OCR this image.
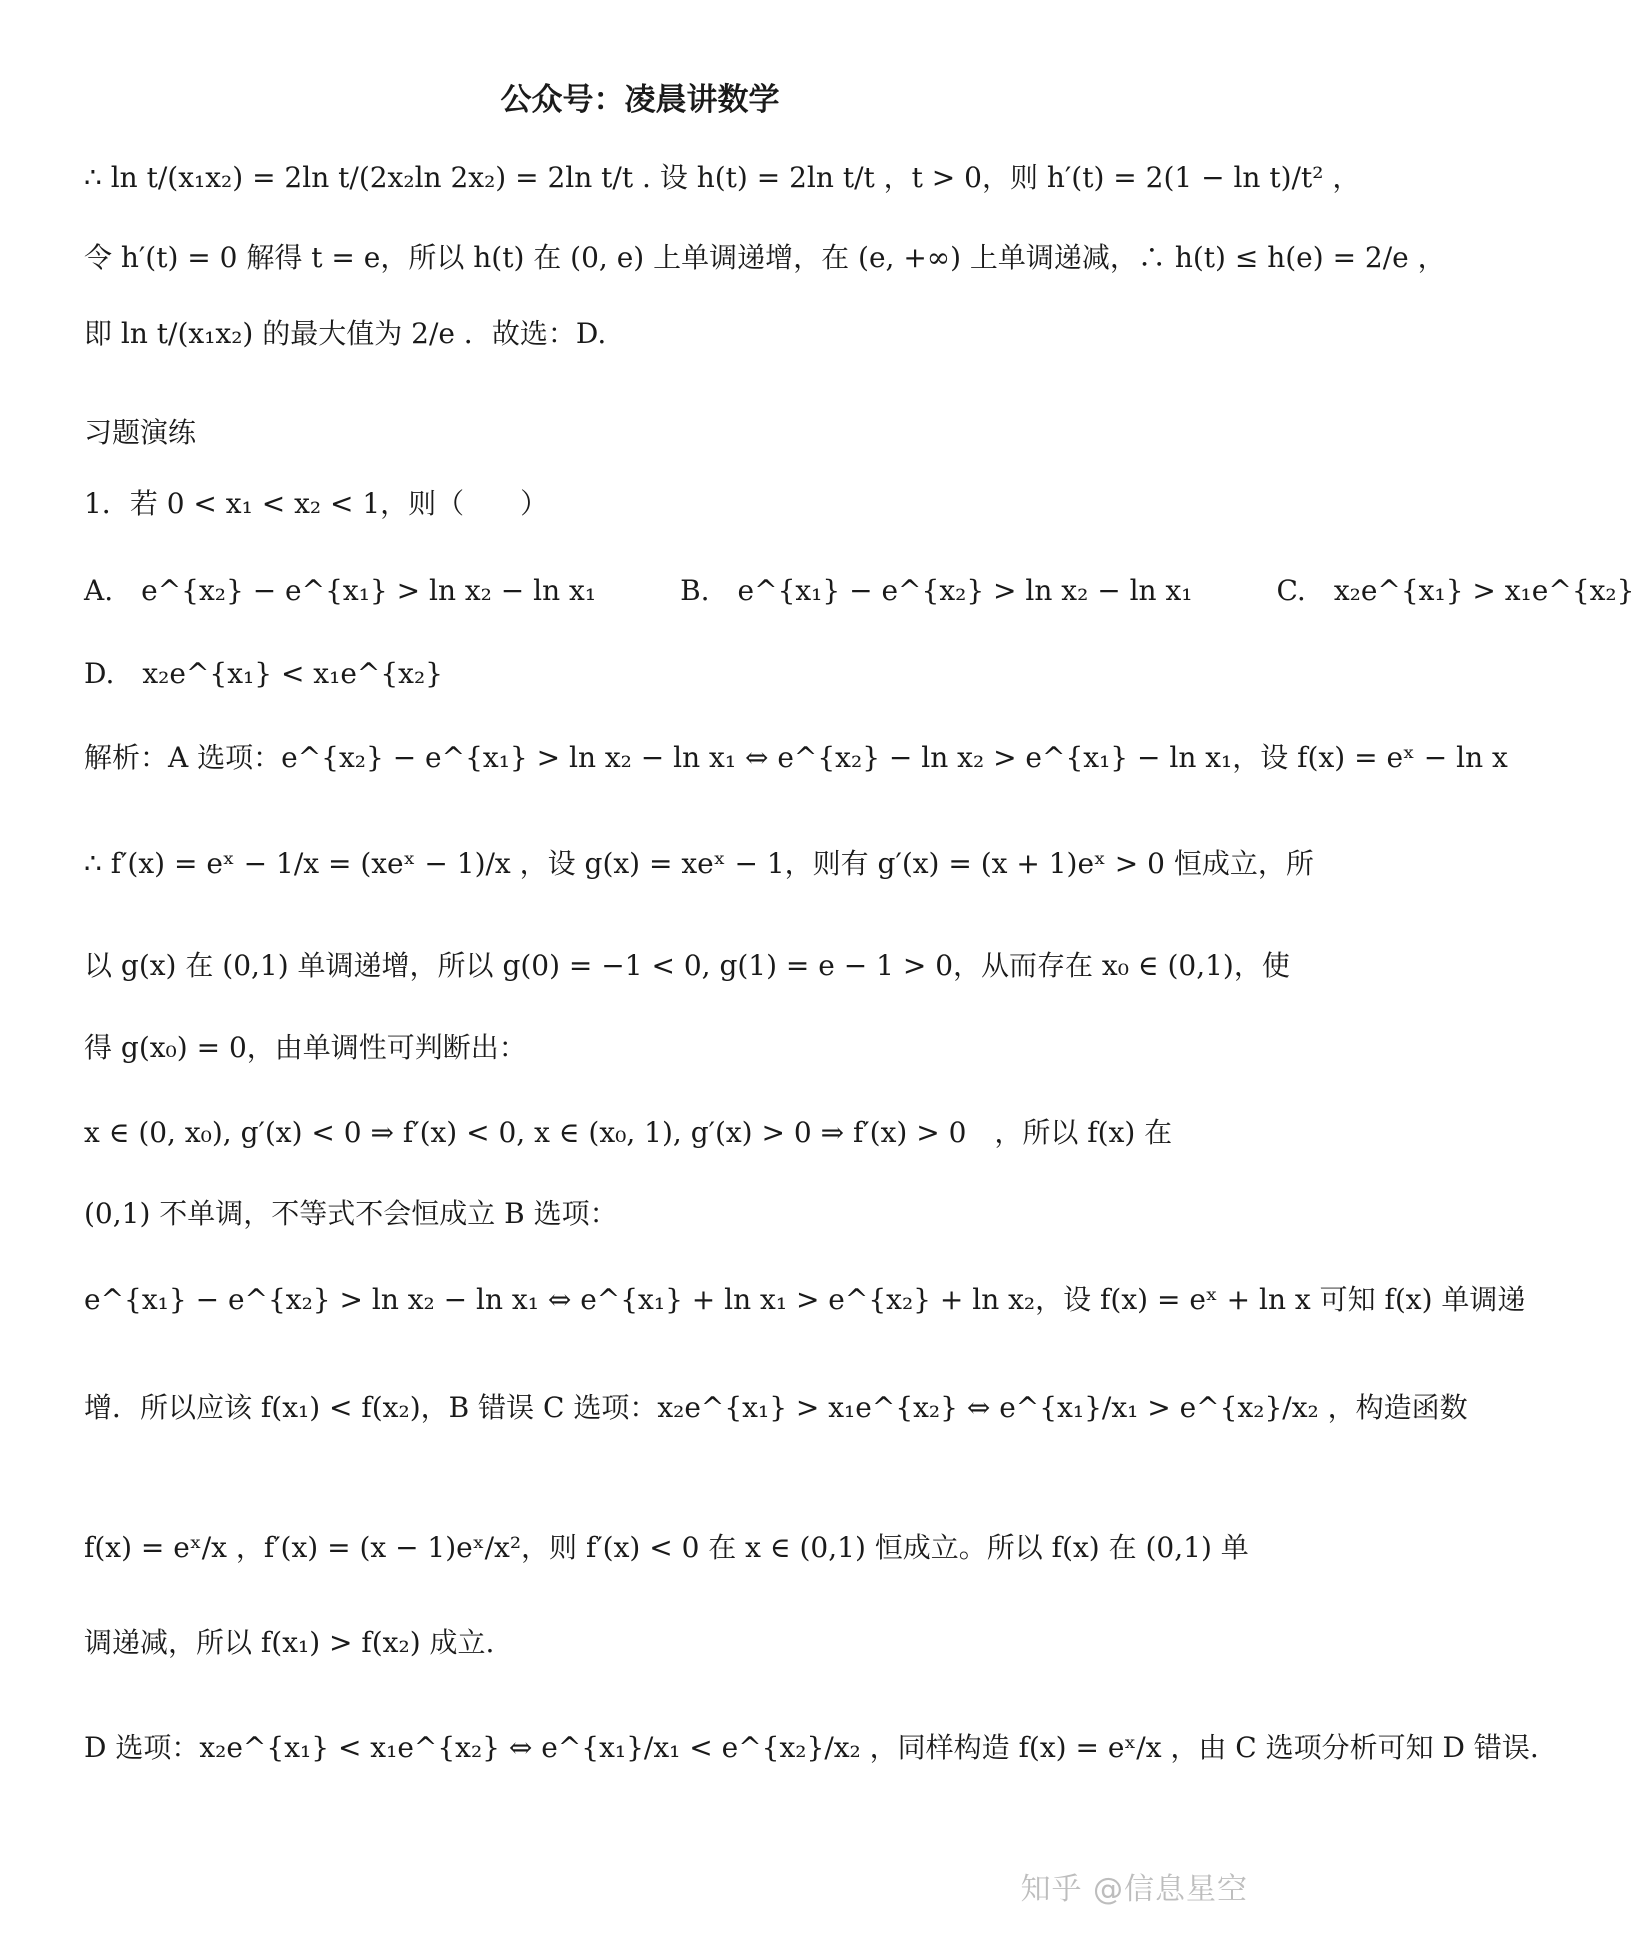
公众号：凌晨讲数学
∴ ln t/(x₁x₂) = 2ln t/(2x₂ln 2x₂) = 2ln t/t . 设 h(t) = 2ln t/t ，t > 0，则 h′(t) = 2(1 − ln t)/t² ，
令 h′(t) = 0 解得 t = e，所以 h(t) 在 (0, e) 上单调递增，在 (e, +∞) 上单调递减，∴ h(t) ≤ h(e) = 2/e ，
即 ln t/(x₁x₂) 的最大值为 2/e ．故选：D.
习题演练
1．若 0 < x₁ < x₂ < 1，则（　　）
A.　e^{x₂} − e^{x₁} > ln x₂ − ln x₁　　　B.　e^{x₁} − e^{x₂} > ln x₂ − ln x₁　　　C.　x₂e^{x₁} > x₁e^{x₂}
D.　x₂e^{x₁} < x₁e^{x₂}
解析：A 选项：e^{x₂} − e^{x₁} > ln x₂ − ln x₁ ⇔ e^{x₂} − ln x₂ > e^{x₁} − ln x₁，设 f(x) = eˣ − ln x
∴ f′(x) = eˣ − 1/x = (xeˣ − 1)/x ，设 g(x) = xeˣ − 1，则有 g′(x) = (x + 1)eˣ > 0 恒成立，所
以 g(x) 在 (0,1) 单调递增，所以 g(0) = −1 < 0, g(1) = e − 1 > 0，从而存在 x₀ ∈ (0,1)，使
得 g(x₀) = 0，由单调性可判断出：
x ∈ (0, x₀), g′(x) < 0 ⇒ f′(x) < 0, x ∈ (x₀, 1), g′(x) > 0 ⇒ f′(x) > 0　，所以 f(x) 在
(0,1) 不单调，不等式不会恒成立 B 选项：
e^{x₁} − e^{x₂} > ln x₂ − ln x₁ ⇔ e^{x₁} + ln x₁ > e^{x₂} + ln x₂，设 f(x) = eˣ + ln x 可知 f(x) 单调递
增．所以应该 f(x₁) < f(x₂)，B 错误 C 选项：x₂e^{x₁} > x₁e^{x₂} ⇔ e^{x₁}/x₁ > e^{x₂}/x₂ ，构造函数
f(x) = eˣ/x ，f′(x) = (x − 1)eˣ/x²，则 f′(x) < 0 在 x ∈ (0,1) 恒成立。所以 f(x) 在 (0,1) 单
调递减，所以 f(x₁) > f(x₂) 成立.
D 选项：x₂e^{x₁} < x₁e^{x₂} ⇔ e^{x₁}/x₁ < e^{x₂}/x₂ ，同样构造 f(x) = eˣ/x ，由 C 选项分析可知 D 错误.
知乎 @信息星空
